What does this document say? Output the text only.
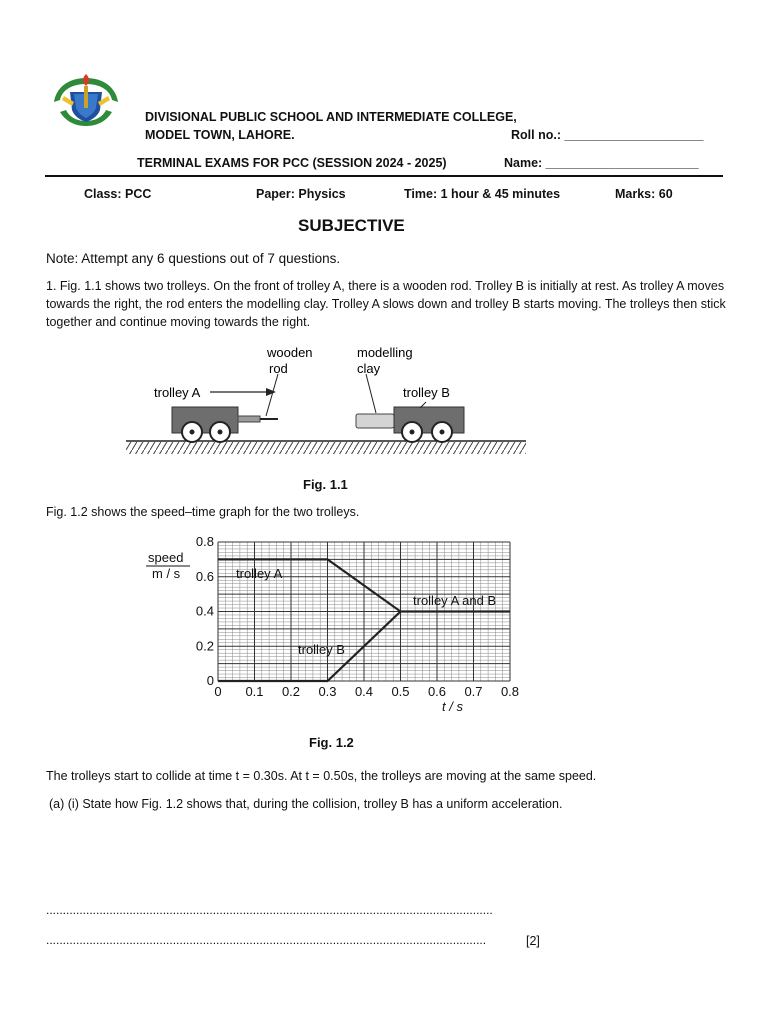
DIVISIONAL PUBLIC SCHOOL AND INTERMEDIATE COLLEGE,
MODEL TOWN, LAHORE.	Roll no.: ____________________
TERMINAL EXAMS FOR PCC (SESSION 2024 - 2025)	Name: ______________________
Class: PCC	Paper: Physics	Time: 1 hour & 45 minutes	Marks: 60
SUBJECTIVE
Note: Attempt any 6 questions out of 7 questions.
1. Fig. 1.1 shows two trolleys. On the front of trolley A, there is a wooden rod. Trolley B is initially at rest. As trolley A moves towards the right, the rod enters the modelling clay. Trolley A slows down and trolley B starts moving. The trolleys then stick together and continue moving towards the right.
wooden
rod
modelling
clay
trolley A	trolley B
Fig. 1.1
Fig. 1.2 shows the speed–time graph for the two trolleys.
0 0.1 0.2 0.3 0.4 0.5 0.6 0.7 0.8
0
0.2
0.4
0.6
0.8
speed
m / s
t / s
trolley A
trolley B
trolley A and B
Fig. 1.2
The trolleys start to collide at time t = 0.30s. At t = 0.50s, the trolleys are moving at the same speed.
(a) (i) State how Fig. 1.2 shows that, during the collision, trolley B has a uniform acceleration.
......................................................................................................................................
....................................................................................................................................	[2]
